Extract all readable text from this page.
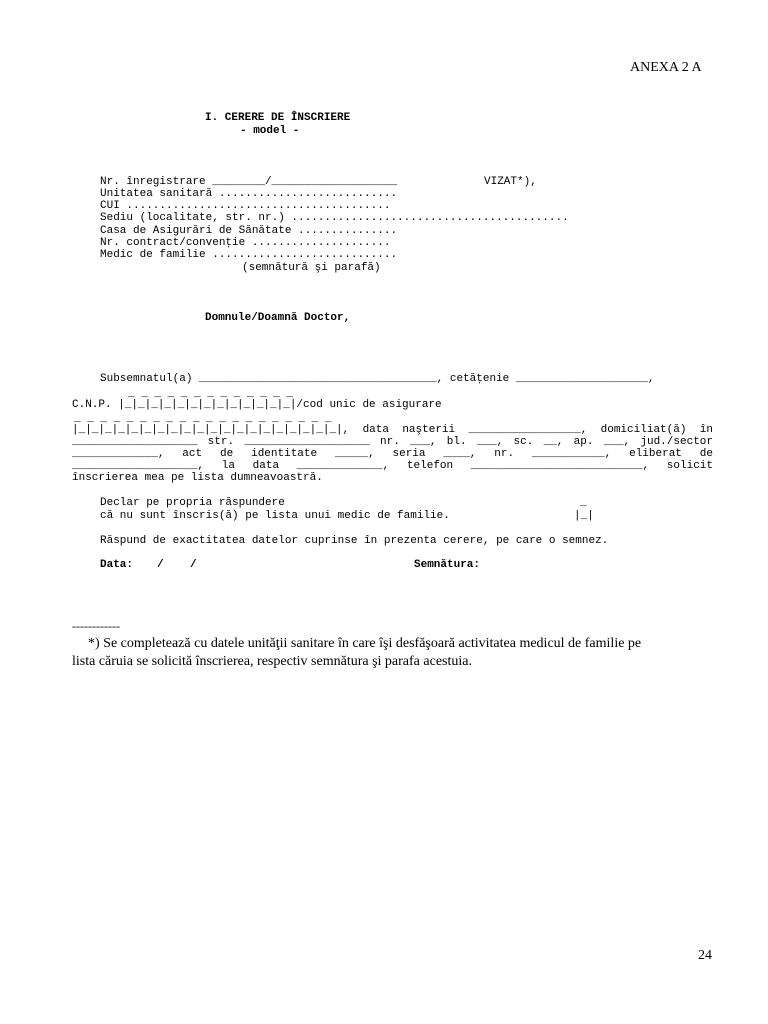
ANEXA 2 A
I. CERERE DE ÎNSCRIERE
- model -
Nr. înregistrare ________/___________________	VIZAT*),
Unitatea sanitară ...........................
CUI ........................................
Sediu (localitate, str. nr.) ..........................................
Casa de Asigurări de Sănătate ...............
Nr. contract/convenţie .....................
Medic de familie ............................
(semnătură şi parafă)
Domnule/Doamnă Doctor,
Subsemnatul(a) ____________________________________, cetăţenie ____________________,
_ _ _ _ _ _ _ _ _ _ _ _ _
C.N.P. |_|_|_|_|_|_|_|_|_|_|_|_|_|/cod unic de asigurare
_ _ _ _ _ _ _ _ _ _ _ _ _ _ _ _ _ _ _ _
|_|_|_|_|_|_|_|_|_|_|_|_|_|_|_|_|_|_|_|_|, data naşterii _________________, domiciliat(ă) în
___________________ str. ___________________ nr. ___, bl. ___, sc. __, ap. ___, jud./sector
_____________, act de identitate _____, seria ____, nr. ___________, eliberat de
___________________, la data _____________, telefon __________________________, solicit
înscrierea mea pe lista dumneavoastră.
Declar pe propria răspundere	_
că nu sunt înscris(ă) pe lista unui medic de familie.	|_|
Răspund de exactitatea datelor cuprinse în prezenta cerere, pe care o semnez.
Data: /    /	Semnătura:
------------
*) Se completează cu datele unităţii sanitare în care îşi desfăşoară activitatea medicul de familie pe
lista căruia se solicită înscrierea, respectiv semnătura şi parafa acestuia.
24
